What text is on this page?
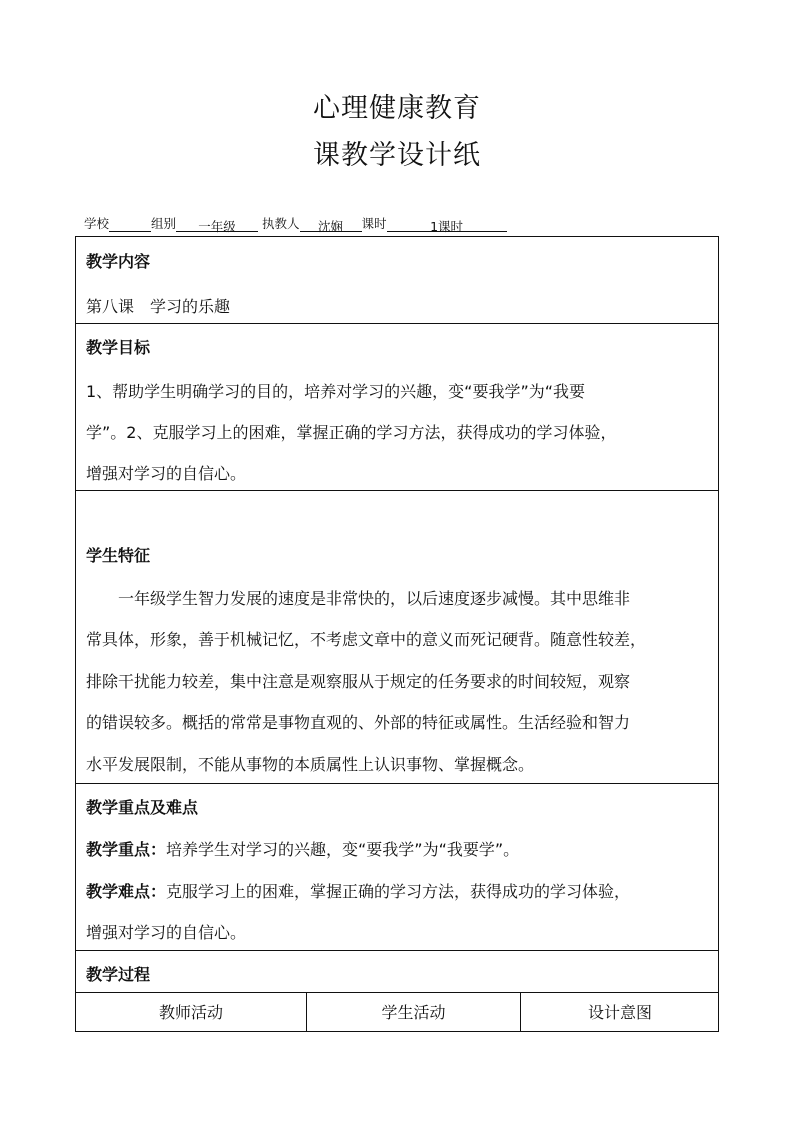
心理健康教育
课教学设计纸
学校	组别 一年级 执教人 沈娴 课时	1课时
教学内容
第八课　学习的乐趣
教学目标
1、帮助学生明确学习的目的，培养对学习的兴趣，变“要我学”为“我要
学”。2、克服学习上的困难，掌握正确的学习方法，获得成功的学习体验，
增强对学习的自信心。
学生特征
一年级学生智力发展的速度是非常快的，以后速度逐步减慢。其中思维非
常具体，形象，善于机械记忆，不考虑文章中的意义而死记硬背。随意性较差，
排除干扰能力较差，集中注意是观察服从于规定的任务要求的时间较短，观察
的错误较多。概括的常常是事物直观的、外部的特征或属性。生活经验和智力
水平发展限制，不能从事物的本质属性上认识事物、掌握概念。
教学重点及难点
教学重点：培养学生对学习的兴趣，变“要我学”为“我要学”。
教学难点：克服学习上的困难，掌握正确的学习方法，获得成功的学习体验，
增强对学习的自信心。
教学过程
教师活动	学生活动	设计意图
